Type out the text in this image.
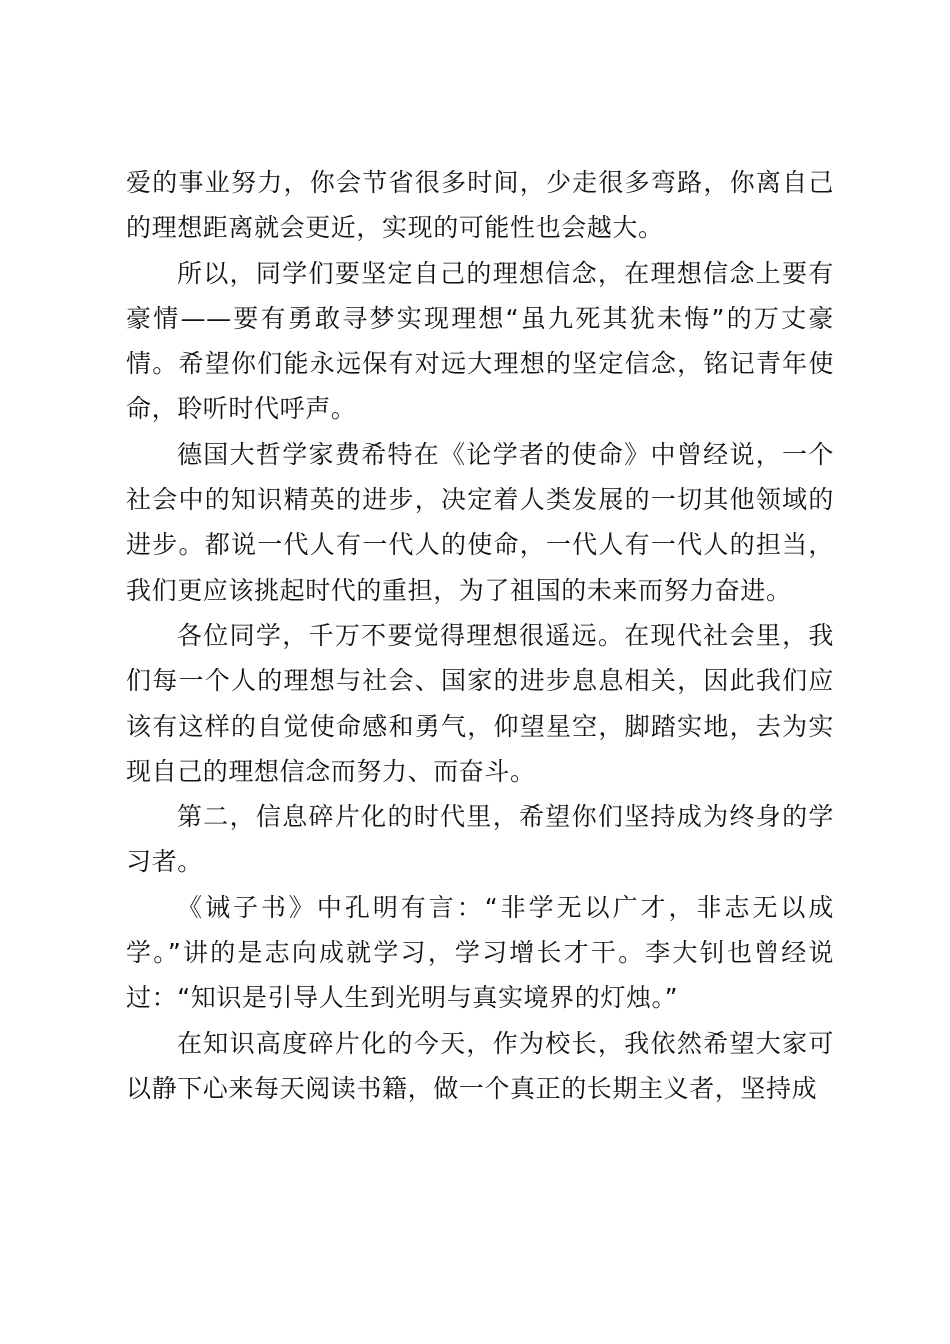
爱的事业努力，你会节省很多时间，少走很多弯路，你离自己的理想距离就会更近，实现的可能性也会越大。

所以，同学们要坚定自己的理想信念，在理想信念上要有豪情——要有勇敢寻梦实现理想“虽九死其犹未悔”的万丈豪情。希望你们能永远保有对远大理想的坚定信念，铭记青年使命，聆听时代呼声。

德国大哲学家费希特在《论学者的使命》中曾经说，一个社会中的知识精英的进步，决定着人类发展的一切其他领域的进步。都说一代人有一代人的使命，一代人有一代人的担当，我们更应该挑起时代的重担，为了祖国的未来而努力奋进。

各位同学，千万不要觉得理想很遥远。在现代社会里，我们每一个人的理想与社会、国家的进步息息相关，因此我们应该有这样的自觉使命感和勇气，仰望星空，脚踏实地，去为实现自己的理想信念而努力、而奋斗。

第二，信息碎片化的时代里，希望你们坚持成为终身的学习者。

《诫子书》中孔明有言：“非学无以广才，非志无以成学。”讲的是志向成就学习，学习增长才干。李大钊也曾经说过：“知识是引导人生到光明与真实境界的灯烛。”

在知识高度碎片化的今天，作为校长，我依然希望大家可以静下心来每天阅读书籍，做一个真正的长期主义者，坚持成
